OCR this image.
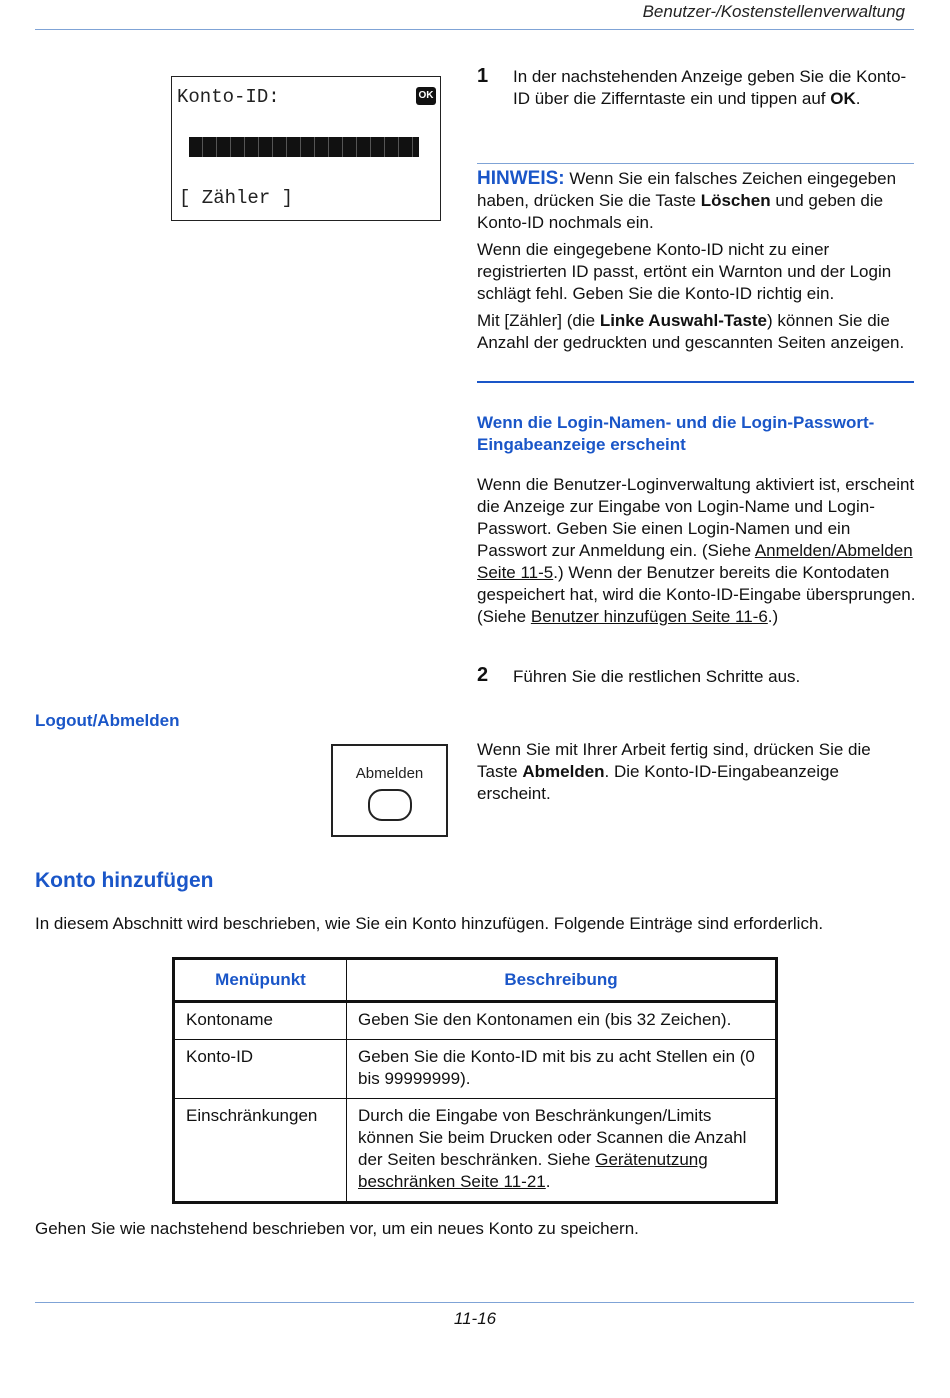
Benutzer-/Kostenstellenverwaltung
Konto-ID:	OK
[ Zähler ]
1 In der nachstehenden Anzeige geben Sie die Konto-ID über die Zifferntaste ein und tippen auf OK.
HINWEIS: Wenn Sie ein falsches Zeichen eingegeben haben, drücken Sie die Taste Löschen und geben die Konto-ID nochmals ein.
Wenn die eingegebene Konto-ID nicht zu einer registrierten ID passt, ertönt ein Warnton und der Login schlägt fehl. Geben Sie die Konto-ID richtig ein.
Mit [Zähler] (die Linke Auswahl-Taste) können Sie die Anzahl der gedruckten und gescannten Seiten anzeigen.
Wenn die Login-Namen- und die Login-Passwort-Eingabeanzeige erscheint
Wenn die Benutzer-Loginverwaltung aktiviert ist, erscheint die Anzeige zur Eingabe von Login-Name und Login-Passwort. Geben Sie einen Login-Namen und ein Passwort zur Anmeldung ein. (Siehe Anmelden/Abmelden Seite 11-5.) Wenn der Benutzer bereits die Kontodaten gespeichert hat, wird die Konto-ID-Eingabe übersprungen. (Siehe Benutzer hinzufügen Seite 11-6.)
2 Führen Sie die restlichen Schritte aus.
Logout/Abmelden
Abmelden
Wenn Sie mit Ihrer Arbeit fertig sind, drücken Sie die Taste Abmelden. Die Konto-ID-Eingabeanzeige erscheint.
Konto hinzufügen
In diesem Abschnitt wird beschrieben, wie Sie ein Konto hinzufügen. Folgende Einträge sind erforderlich.
Menüpunkt	Beschreibung
Kontoname	Geben Sie den Kontonamen ein (bis 32 Zeichen).
Konto-ID	Geben Sie die Konto-ID mit bis zu acht Stellen ein (0 bis 99999999).
Einschränkungen	Durch die Eingabe von Beschränkungen/Limits können Sie beim Drucken oder Scannen die Anzahl der Seiten beschränken. Siehe Gerätenutzung beschränken Seite 11-21.
Gehen Sie wie nachstehend beschrieben vor, um ein neues Konto zu speichern.
11-16
